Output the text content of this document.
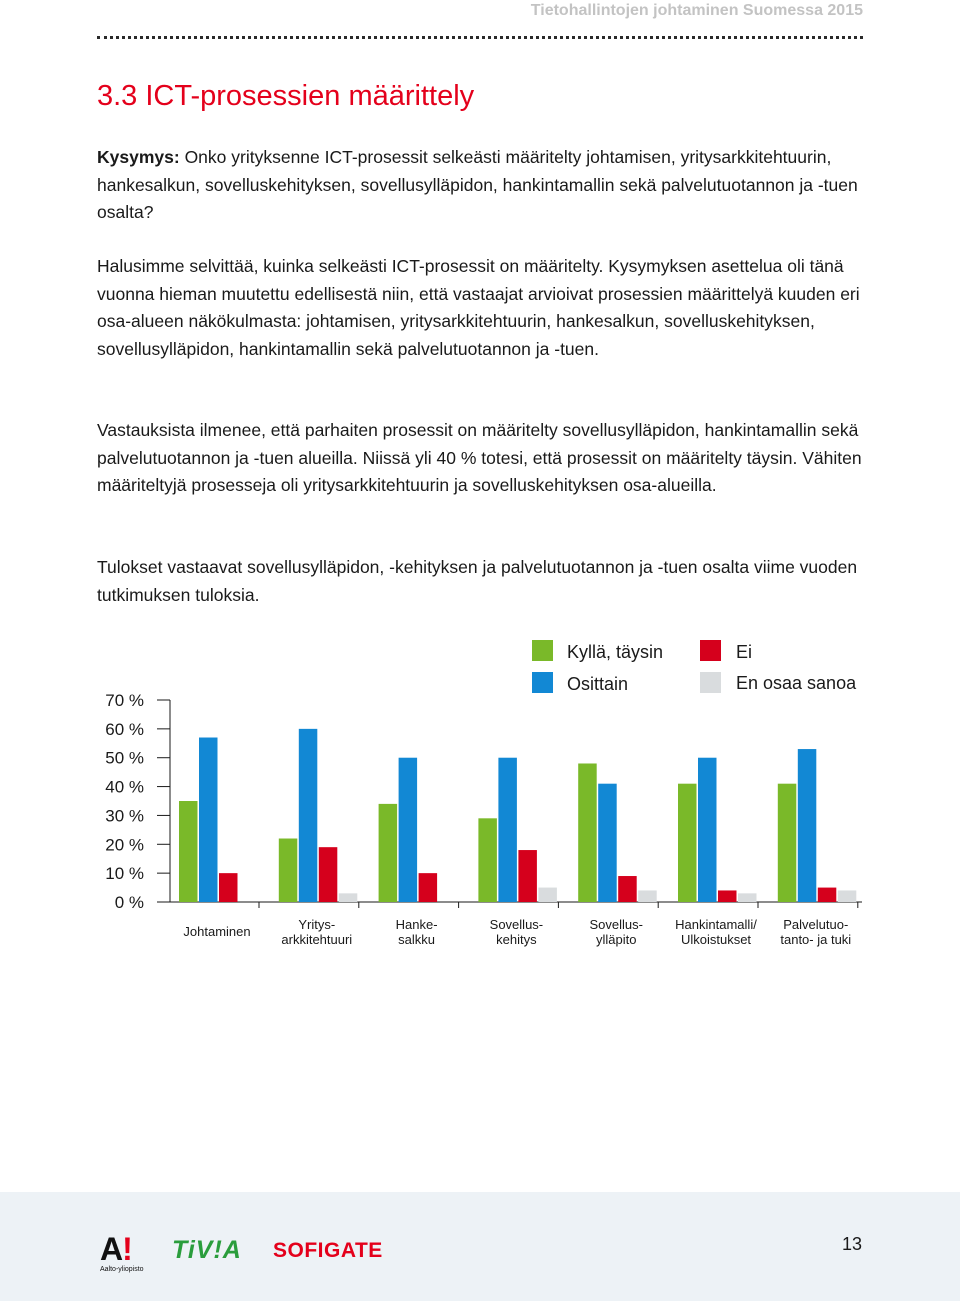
Tietohallintojen johtaminen Suomessa 2015
3.3 ICT-prosessien määrittely

Kysymys: Onko yrityksenne ICT-prosessit selkeästi määritelty johtamisen, yritysarkkitehtuurin, hankesalkun, sovelluskehityksen, sovellusylläpidon, hankintamallin sekä palvelutuotannon ja -tuen osalta?

Halusimme selvittää, kuinka selkeästi ICT-prosessit on määritelty. Kysymyksen asettelua oli tänä vuonna hieman muutettu edellisestä niin, että vastaajat arvioivat prosessien määrittelyä kuuden eri osa-alueen näkökulmasta: johtamisen, yritysarkkitehtuurin, hankesalkun, sovelluskehityksen, sovellusylläpidon, hankintamallin sekä palvelutuotannon ja -tuen.

Vastauksista ilmenee, että parhaiten prosessit on määritelty sovellusylläpidon, hankintamallin sekä palvelutuotannon ja -tuen alueilla. Niissä yli 40 % totesi, että prosessit on määritelty täysin. Vähiten määriteltyjä prosesseja oli yritysarkkitehtuurin ja sovelluskehityksen osa-alueilla.

Tulokset vastaavat sovellusylläpidon, -kehityksen ja palvelutuotannon ja -tuen osalta viime vuoden tutkimuksen tuloksia.

0 %
10 %
20 %
30 %
40 %
50 %
60 %
70 %
Johtaminen	Yritys-
arkkitehtuuri
Hanke-
salkku
Sovellus-
kehitys
Sovellus-
ylläpito
Hankintamalli/
Ulkoistukset
Palvelutuo-
tanto- ja tuki
Kyllä, täysin
Osittain
Ei
En osaa sanoa
A!
Aalto-yliopisto
TiV!A SOFIGATE	13
